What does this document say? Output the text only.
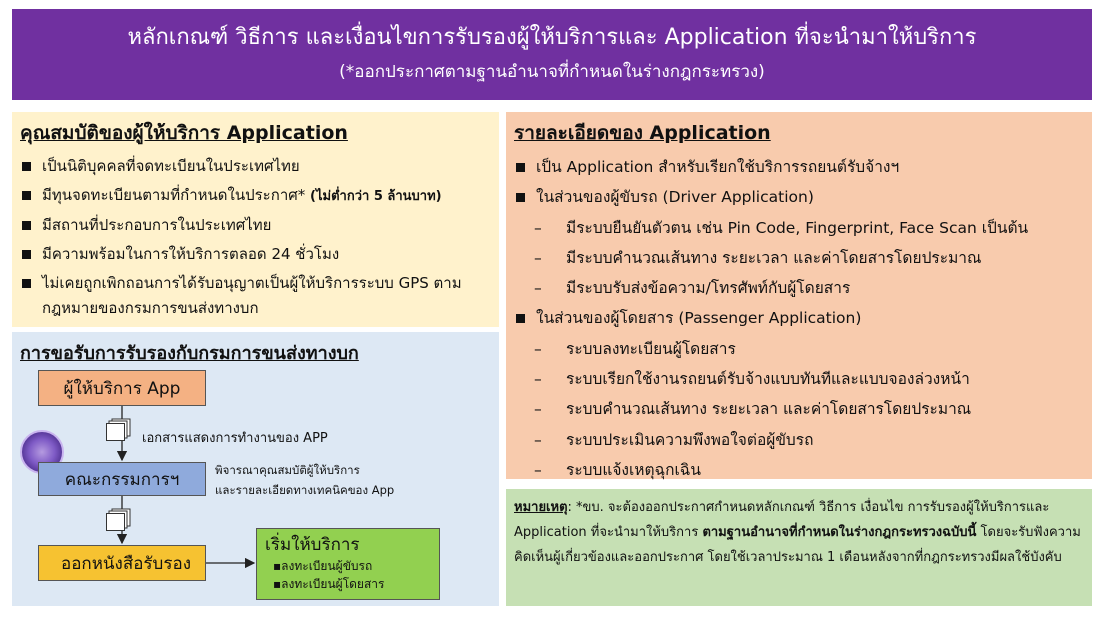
หลักเกณฑ์ วิธีการ และเงื่อนไขการรับรองผู้ให้บริการและ Application ที่จะนำมาให้บริการ
(*ออกประกาศตามฐานอำนาจที่กำหนดในร่างกฎกระทรวง)
คุณสมบัติของผู้ให้บริการ Application
เป็นนิติบุคคลที่จดทะเบียนในประเทศไทย
มีทุนจดทะเบียนตามที่กำหนดในประกาศ* (ไม่ต่ำกว่า 5 ล้านบาท)
มีสถานที่ประกอบการในประเทศไทย
มีความพร้อมในการให้บริการตลอด 24 ชั่วโมง
ไม่เคยถูกเพิกถอนการได้รับอนุญาตเป็นผู้ให้บริการระบบ GPS ตามกฎหมายของกรมการขนส่งทางบก
การขอรับการรับรองกับกรมการขนส่งทางบก
ผู้ให้บริการ App
เอกสารแสดงการทำงานของ APP
คณะกรรมการฯ	พิจารณาคุณสมบัติผู้ให้บริการ
และรายละเอียดทางเทคนิคของ App
ออกหนังสือรับรอง
เริ่มให้บริการ
▪ลงทะเบียนผู้ขับรถ
▪ลงทะเบียนผู้โดยสาร
รายละเอียดของ Application
เป็น Application สำหรับเรียกใช้บริการรถยนต์รับจ้างฯ
ในส่วนของผู้ขับรถ (Driver Application)
– มีระบบยืนยันตัวตน เช่น Pin Code, Fingerprint, Face Scan เป็นต้น
– มีระบบคำนวณเส้นทาง ระยะเวลา และค่าโดยสารโดยประมาณ
– มีระบบรับส่งข้อความ/โทรศัพท์กับผู้โดยสาร
ในส่วนของผู้โดยสาร (Passenger Application)
– ระบบลงทะเบียนผู้โดยสาร
– ระบบเรียกใช้งานรถยนต์รับจ้างแบบทันทีและแบบจองล่วงหน้า
– ระบบคำนวณเส้นทาง ระยะเวลา และค่าโดยสารโดยประมาณ
– ระบบประเมินความพึงพอใจต่อผู้ขับรถ
– ระบบแจ้งเหตุฉุกเฉิน
หมายเหตุ: *ขบ. จะต้องออกประกาศกำหนดหลักเกณฑ์ วิธีการ เงื่อนไข การรับรองผู้ให้บริการและ Application ที่จะนำมาให้บริการ ตามฐานอำนาจที่กำหนดในร่างกฎกระทรวงฉบับนี้ โดยจะรับฟังความคิดเห็นผู้เกี่ยวข้องและออกประกาศ โดยใช้เวลาประมาณ 1 เดือนหลังจากที่กฎกระทรวงมีผลใช้บังคับ
